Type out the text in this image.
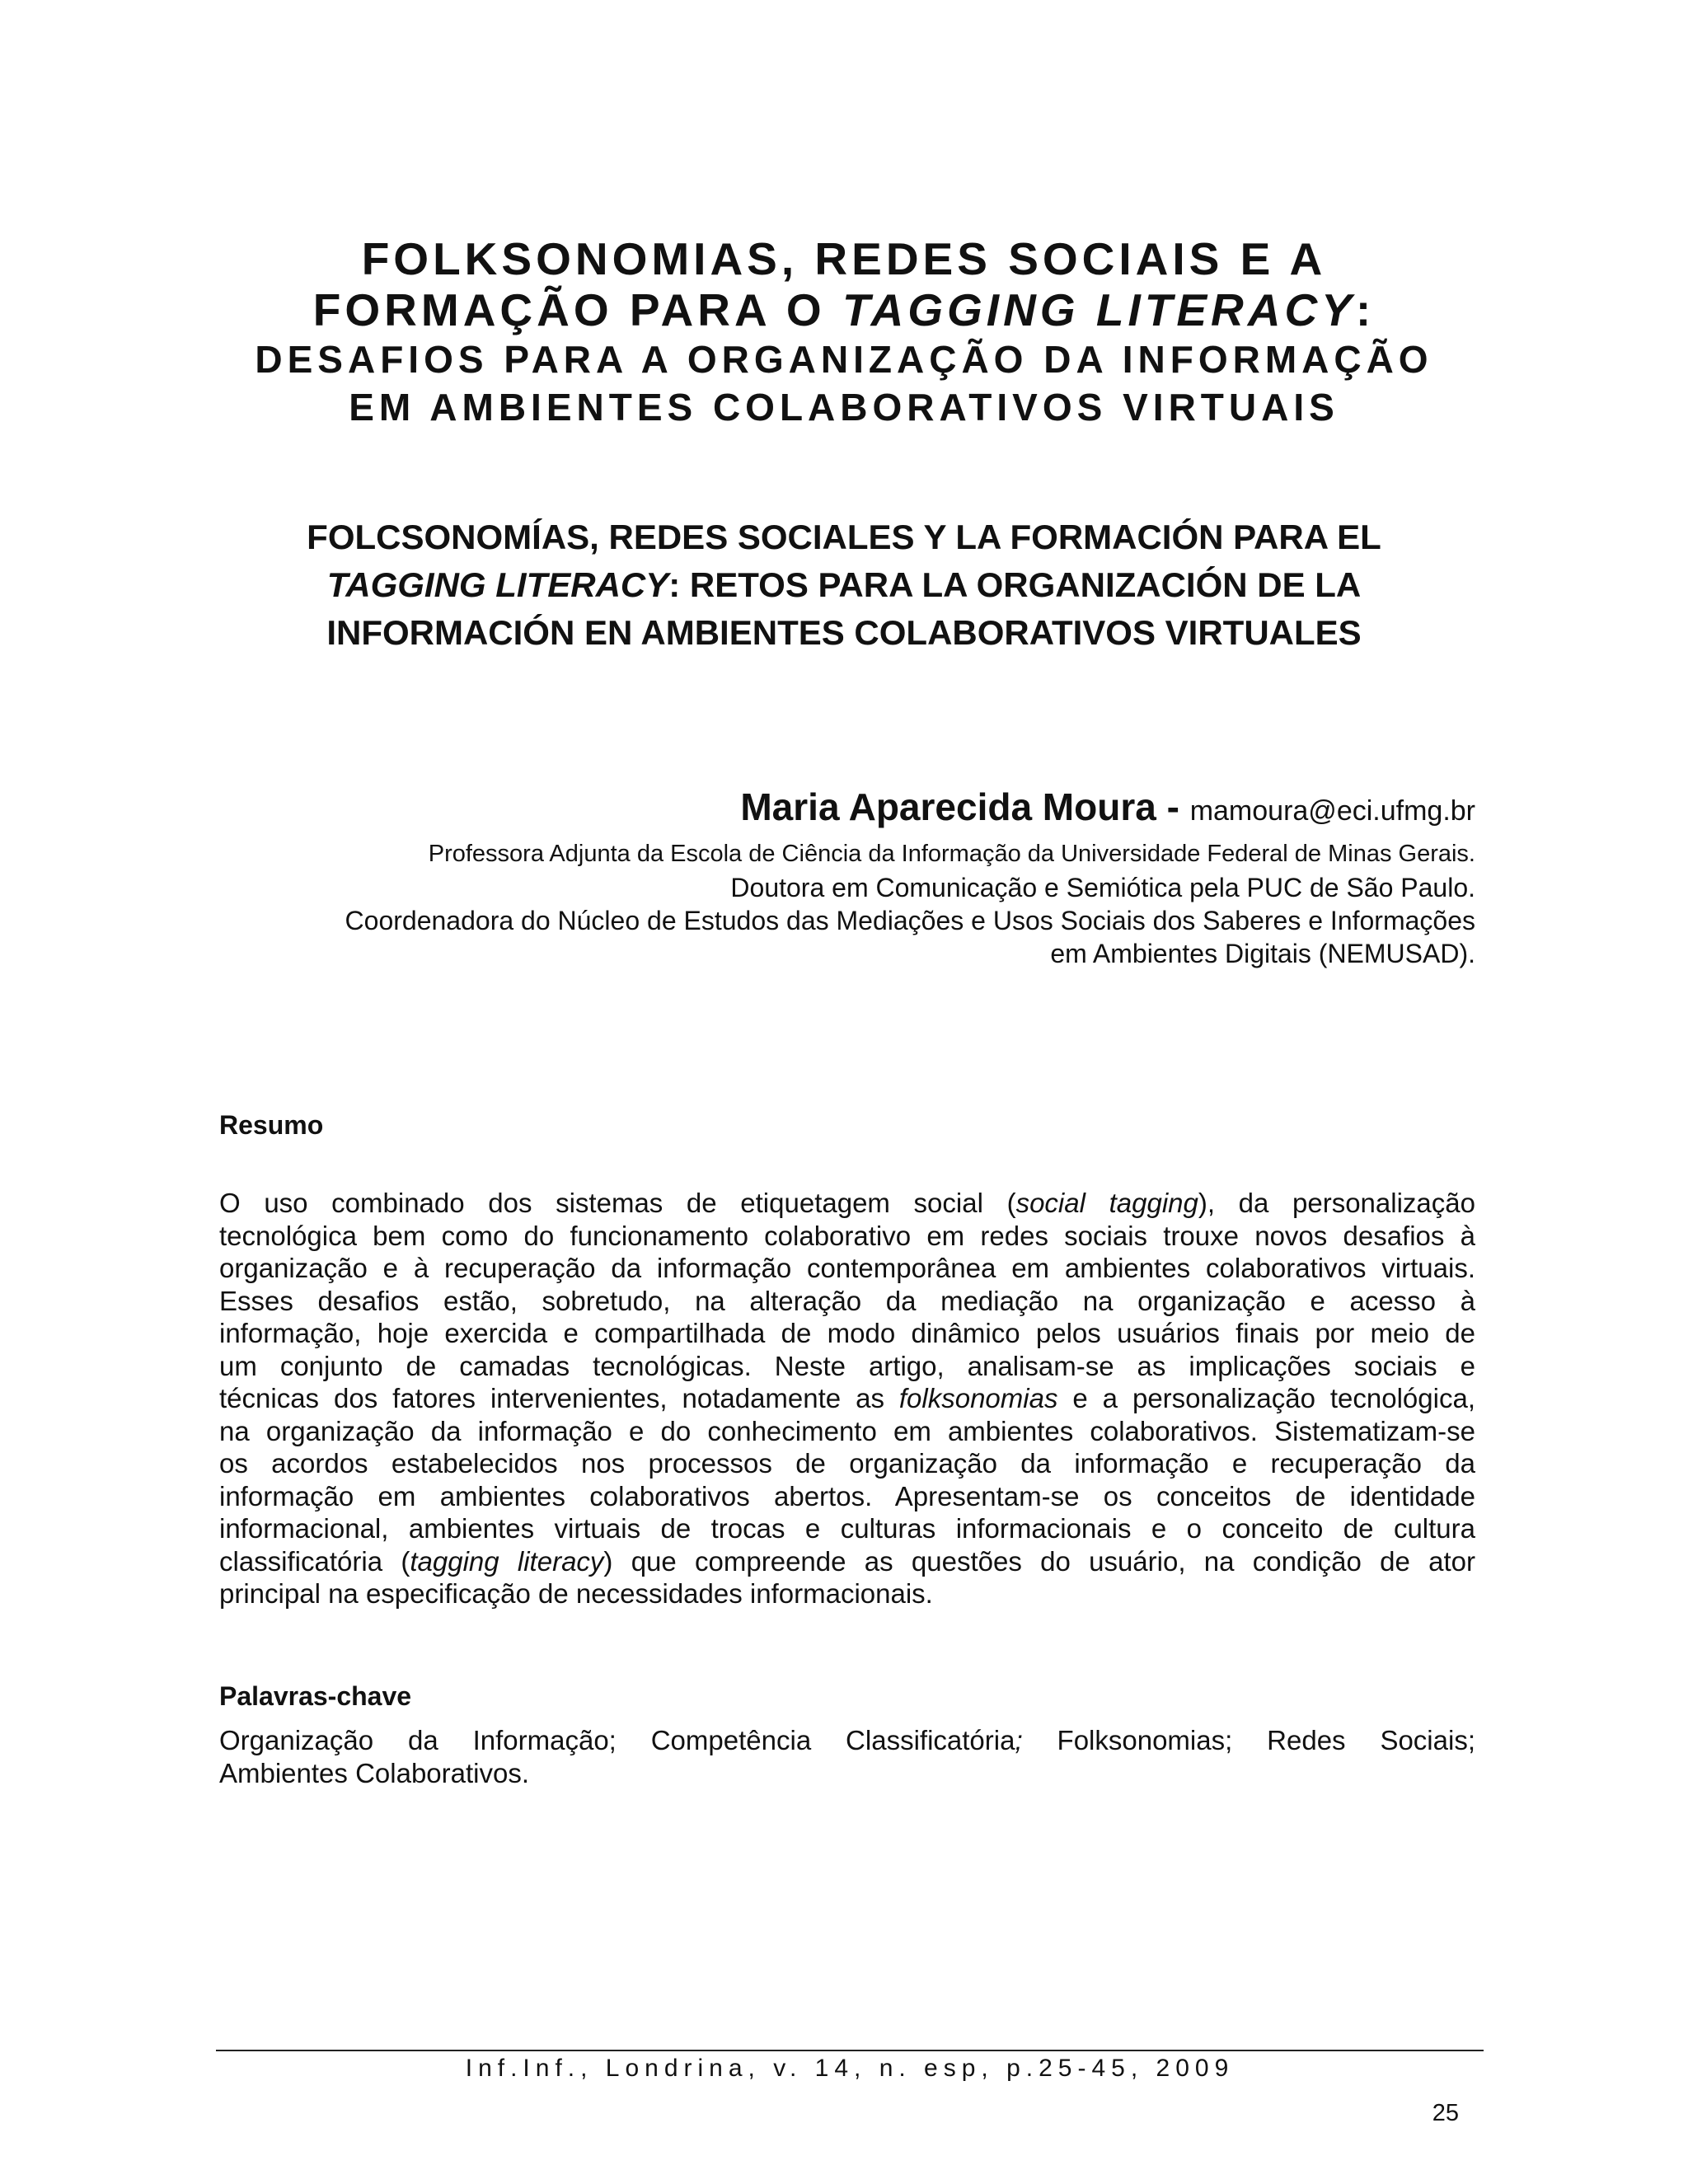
FOLKSONOMIAS, REDES SOCIAIS E A
FORMAÇÃO PARA O TAGGING LITERACY:
DESAFIOS PARA A ORGANIZAÇÃO DA INFORMAÇÃO
EM AMBIENTES COLABORATIVOS VIRTUAIS
FOLCSONOMÍAS, REDES SOCIALES Y LA FORMACIÓN PARA EL
TAGGING LITERACY: RETOS PARA LA ORGANIZACIÓN DE LA
INFORMACIÓN EN AMBIENTES COLABORATIVOS VIRTUALES
Maria Aparecida Moura - mamoura@eci.ufmg.br
Professora Adjunta da Escola de Ciência da Informação da Universidade Federal de Minas Gerais.
Doutora em Comunicação e Semiótica pela PUC de São Paulo.
Coordenadora do Núcleo de Estudos das Mediações e Usos Sociais dos Saberes e Informações
em Ambientes Digitais (NEMUSAD).
Resumo
O uso combinado dos sistemas de etiquetagem social (social tagging), da personalização
tecnológica bem como do funcionamento colaborativo em redes sociais trouxe novos desafios à
organização e à recuperação da informação contemporânea em ambientes colaborativos virtuais.
Esses desafios estão, sobretudo, na alteração da mediação na organização e acesso à
informação, hoje exercida e compartilhada de modo dinâmico pelos usuários finais por meio de
um conjunto de camadas tecnológicas. Neste artigo, analisam-se as implicações sociais e
técnicas dos fatores intervenientes, notadamente as folksonomias e a personalização tecnológica,
na organização da informação e do conhecimento em ambientes colaborativos. Sistematizam-se
os acordos estabelecidos nos processos de organização da informação e recuperação da
informação em ambientes colaborativos abertos. Apresentam-se os conceitos de identidade
informacional, ambientes virtuais de trocas e culturas informacionais e o conceito de cultura
classificatória (tagging literacy) que compreende as questões do usuário, na condição de ator
principal na especificação de necessidades informacionais.
Palavras-chave
Organização da Informação; Competência Classificatória; Folksonomias; Redes Sociais;
Ambientes Colaborativos.
Inf.Inf., Londrina, v. 14, n. esp, p.25-45, 2009
25
